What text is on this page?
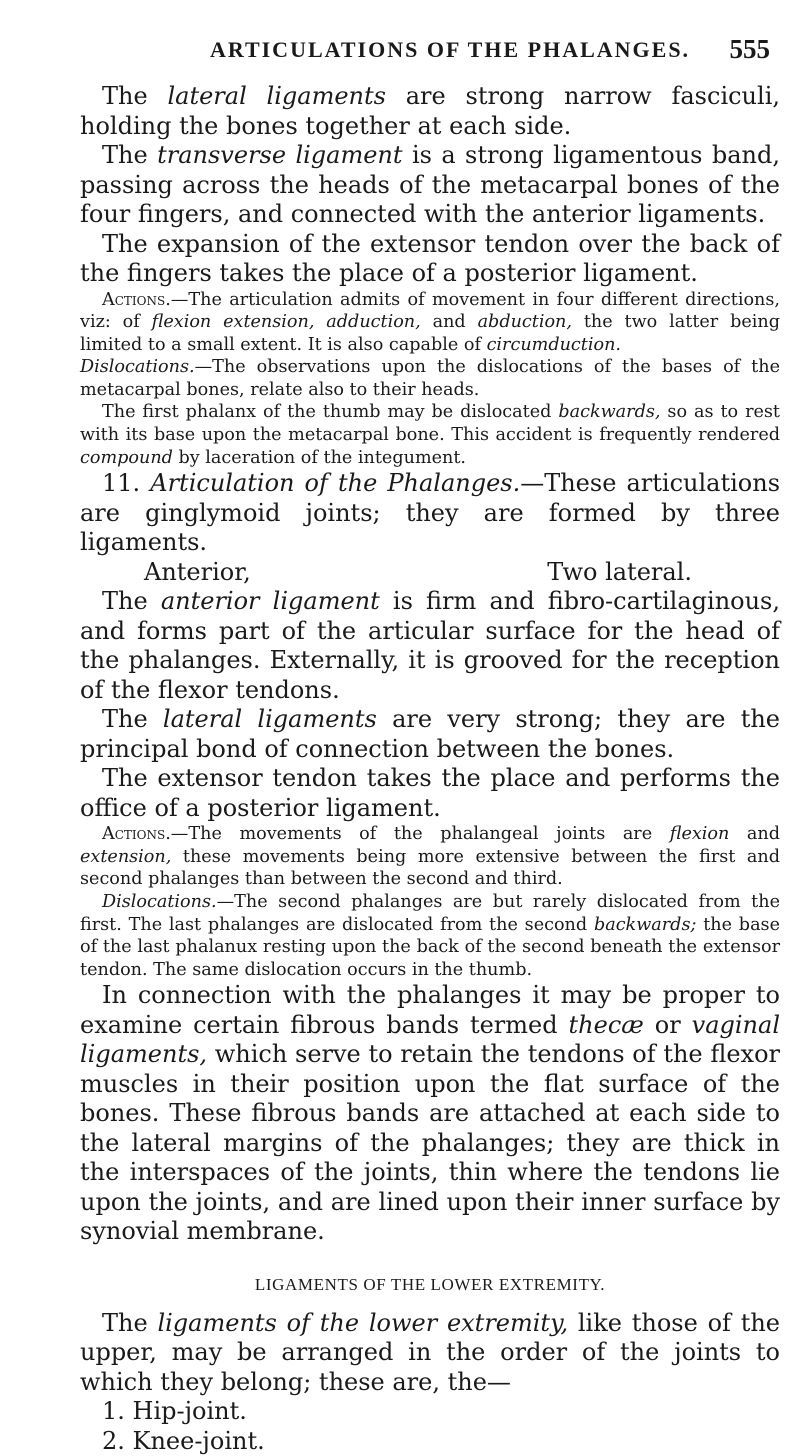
ARTICULATIONS OF THE PHALANGES.	555

The lateral ligaments are strong narrow fasciculi, holding the bones together at each side.

The transverse ligament is a strong ligamentous band, passing across the heads of the metacarpal bones of the four fingers, and connected with the anterior ligaments.

The expansion of the extensor tendon over the back of the fingers takes the place of a posterior ligament.

Actions.—The articulation admits of movement in four different directions, viz: of flexion extension, adduction, and abduction, the two latter being limited to a small extent. It is also capable of circumduction.
Dislocations.—The observations upon the dislocations of the bases of the metacarpal bones, relate also to their heads.

The first phalanx of the thumb may be dislocated backwards, so as to rest with its base upon the metacarpal bone. This accident is frequently rendered compound by laceration of the integument.

11. Articulation of the Phalanges.—These articulations are ginglymoid joints; they are formed by three ligaments.

Anterior,	Two lateral.

The anterior ligament is firm and fibro-cartilaginous, and forms part of the articular surface for the head of the phalanges. Externally, it is grooved for the reception of the flexor tendons.

The lateral ligaments are very strong; they are the principal bond of connection between the bones.

The extensor tendon takes the place and performs the office of a posterior ligament.

Actions.—The movements of the phalangeal joints are flexion and extension, these movements being more extensive between the first and second phalanges than between the second and third.

Dislocations.—The second phalanges are but rarely dislocated from the first. The last phalanges are dislocated from the second backwards; the base of the last phalanux resting upon the back of the second beneath the extensor tendon. The same dislocation occurs in the thumb.

In connection with the phalanges it may be proper to examine certain fibrous bands termed thecæ or vaginal ligaments, which serve to retain the tendons of the flexor muscles in their position upon the flat surface of the bones. These fibrous bands are attached at each side to the lateral margins of the phalanges; they are thick in the interspaces of the joints, thin where the tendons lie upon the joints, and are lined upon their inner surface by synovial membrane.

LIGAMENTS OF THE LOWER EXTREMITY.

The ligaments of the lower extremity, like those of the upper, may be arranged in the order of the joints to which they belong; these are, the—

1. Hip-joint.
2. Knee-joint.
